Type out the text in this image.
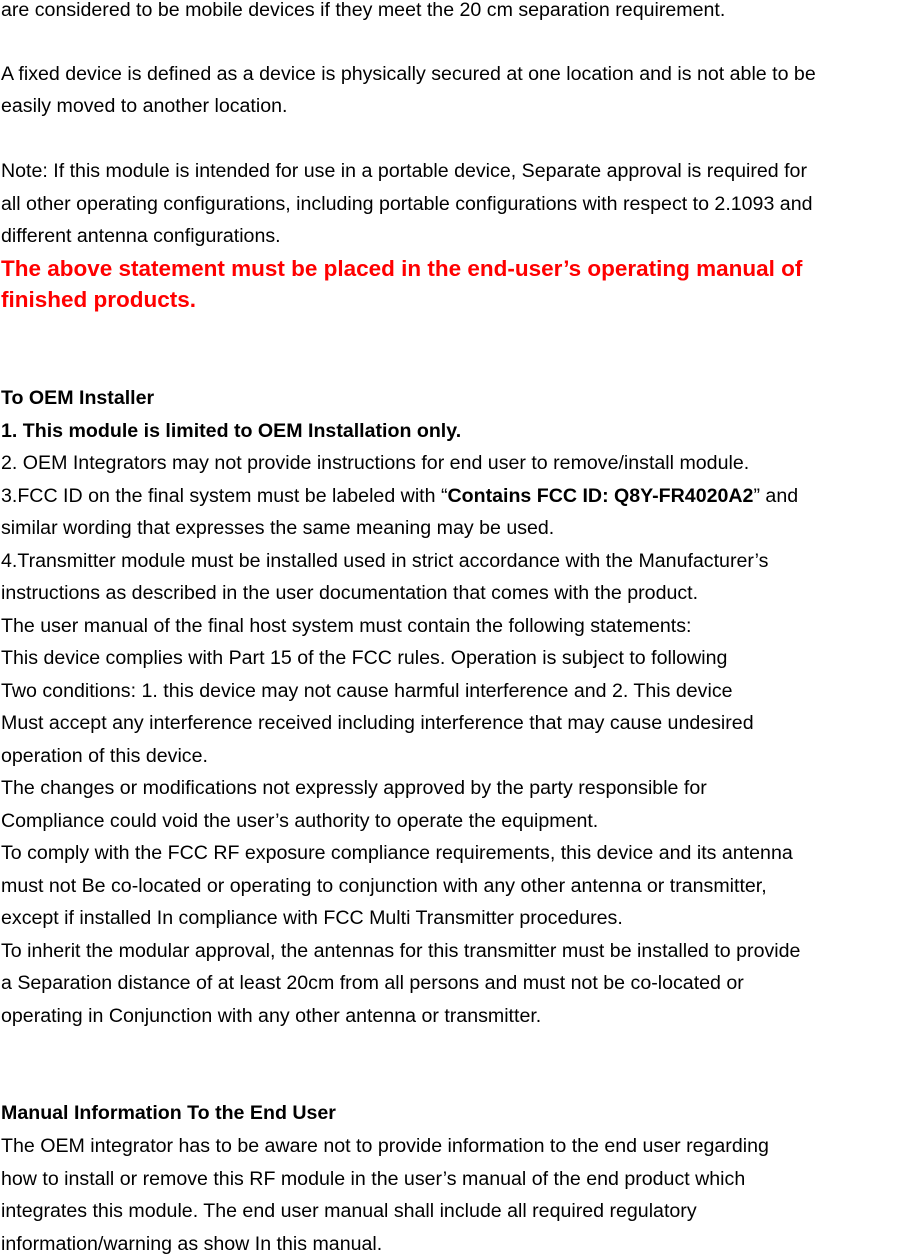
are considered to be mobile devices if they meet the 20 cm separation requirement.
A fixed device is defined as a device is physically secured at one location and is not able to be
easily moved to another location.
Note: If this module is intended for use in a portable device, Separate approval is required for
all other operating configurations, including portable configurations with respect to 2.1093 and
different antenna configurations.
The above statement must be placed in the end-user’s operating manual of
finished products.
To OEM Installer
1. This module is limited to OEM Installation only.
2. OEM Integrators may not provide instructions for end user to remove/install module.
3.FCC ID on the final system must be labeled with “Contains FCC ID: Q8Y-FR4020A2” and
similar wording that expresses the same meaning may be used.
4.Transmitter module must be installed used in strict accordance with the Manufacturer’s
instructions as described in the user documentation that comes with the product.
The user manual of the final host system must contain the following statements:
This device complies with Part 15 of the FCC rules. Operation is subject to following
Two conditions: 1. this device may not cause harmful interference and 2. This device
Must accept any interference received including interference that may cause undesired
operation of this device.
The changes or modifications not expressly approved by the party responsible for
Compliance could void the user’s authority to operate the equipment.
To comply with the FCC RF exposure compliance requirements, this device and its antenna
must not Be co-located or operating to conjunction with any other antenna or transmitter,
except if installed In compliance with FCC Multi Transmitter procedures.
To inherit the modular approval, the antennas for this transmitter must be installed to provide
a Separation distance of at least 20cm from all persons and must not be co-located or
operating in Conjunction with any other antenna or transmitter.
Manual Information To the End User
The OEM integrator has to be aware not to provide information to the end user regarding
how to install or remove this RF module in the user’s manual of the end product which
integrates this module. The end user manual shall include all required regulatory
information/warning as show In this manual.
